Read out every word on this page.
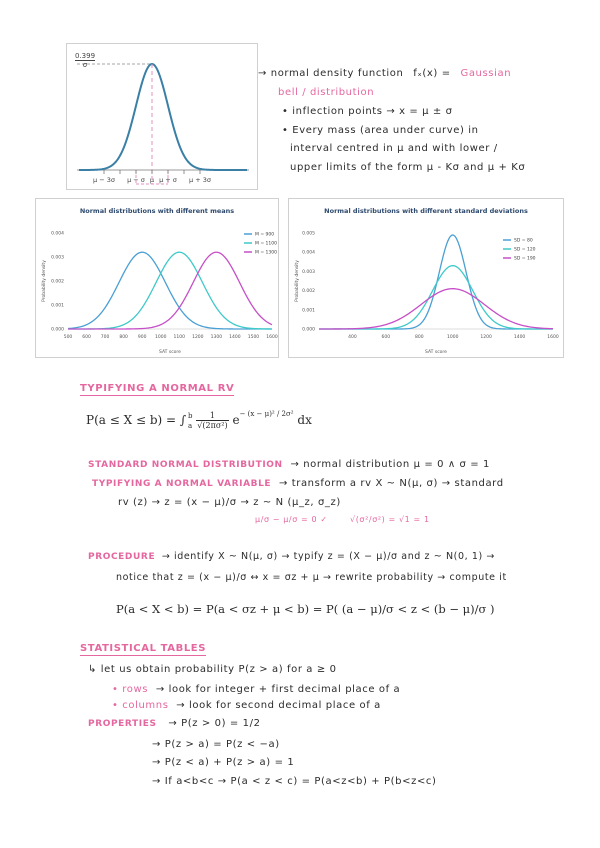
μ − 3σ μ − σ μ μ + σ μ + 3σ
$\frac{0.399}{\sigma}$
→ normal density function fₓ(x) = Gaussian
bell / distribution
• inflection points → x = μ ± σ
• Every mass (area under curve) in
interval centred in μ and with lower /
upper limits of the form μ - Kσ and μ + Kσ
Normal distributions with different means
500 600 700 800 900 1000 1100 1200 1300 1400 1500 1600
0.000
0.001
0.002
0.003
0.004
SAT score
Probability density
M = 900
M = 1100
M = 1300
Normal distributions with different standard deviations
400	600	800	1000	1200	1400	1600
0.000
0.001
0.002
0.003
0.004
0.005
SAT score
Probability density
SD = 80
SD = 120
SD = 190
TYPIFYING A NORMAL RV
P(a ≤ X ≤ b) = ∫ b
a
$\frac{1}{\text{√(2πσ²)}} e^{- (x - \mu)^2 / 2\sigma^2}$ dx
STANDARD NORMAL DISTRIBUTION → normal distribution μ = 0 ∧ σ = 1
TYPIFYING A NORMAL VARIABLE → transform a rv X ~ N(μ, σ) → standard
rv (z) → z = (x − μ)/σ → z ~ N (μ_z, σ_z)
μ/σ − μ/σ = 0 ✓	√(σ²/σ²) = √1 = 1
PROCEDURE → identify X ~ N(μ, σ) → typify z = (X − μ)/σ and z ~ N(0, 1) →
notice that z = (x − μ)/σ ↔ x = σz + μ → rewrite probability → compute it
P(a < X < b) = P(a < σz + μ < b) = P( (a − μ)/σ < z < (b − μ)/σ )
STATISTICAL TABLES
↳ let us obtain probability P(z > a) for a ≥ 0
• rows → look for integer + first decimal place of a
• columns → look for second decimal place of a
PROPERTIES → P(z > 0) = 1/2
→ P(z > a) = P(z < −a)
→ P(z < a) + P(z > a) = 1
→ If a<b<c → P(a < z < c) = P(a<z<b) + P(b<z<c)
